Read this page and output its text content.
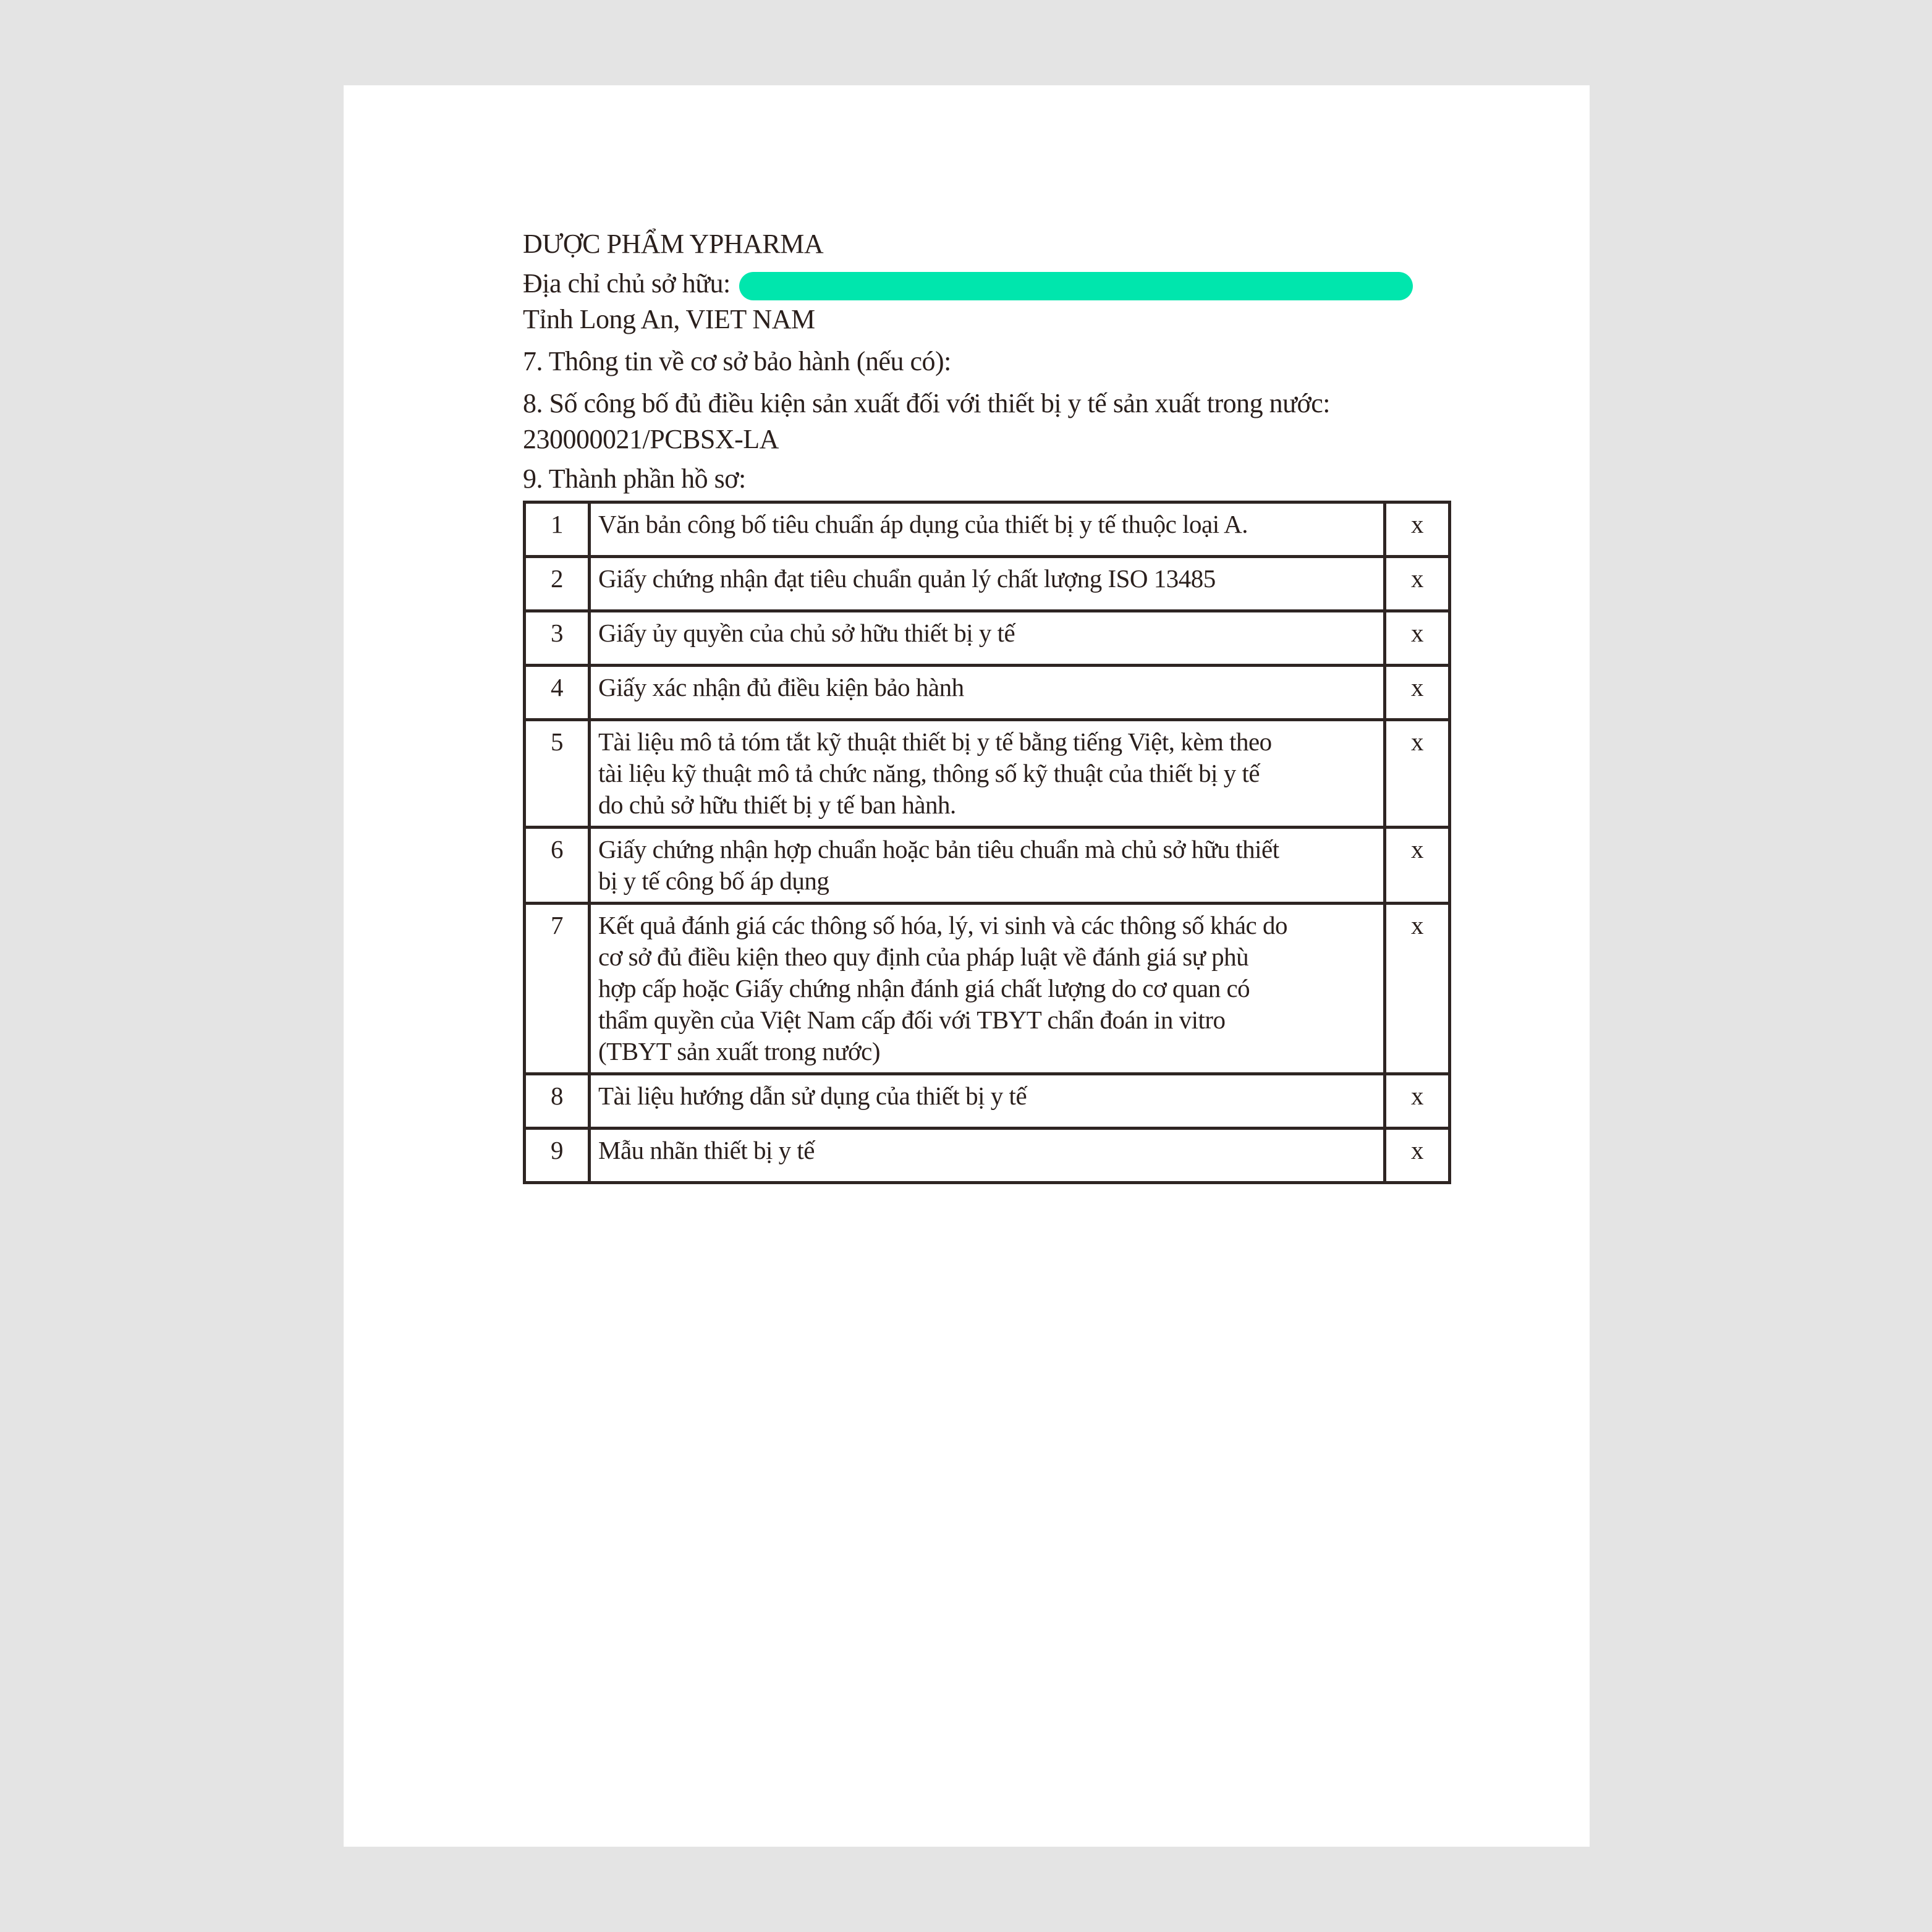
DƯỢC PHẨM YPHARMA
Địa chỉ chủ sở hữu:
Tỉnh Long An, VIET NAM
7. Thông tin về cơ sở bảo hành (nếu có):
8. Số công bố đủ điều kiện sản xuất đối với thiết bị y tế sản xuất trong nước:
230000021/PCBSX-LA
9. Thành phần hồ sơ:
1	Văn bản công bố tiêu chuẩn áp dụng của thiết bị y tế thuộc loại A.	x
2	Giấy chứng nhận đạt tiêu chuẩn quản lý chất lượng ISO 13485	x
3	Giấy ủy quyền của chủ sở hữu thiết bị y tế	x
4	Giấy xác nhận đủ điều kiện bảo hành	x
5	Tài liệu mô tả tóm tắt kỹ thuật thiết bị y tế bằng tiếng Việt, kèm theo
tài liệu kỹ thuật mô tả chức năng, thông số kỹ thuật của thiết bị y tế
do chủ sở hữu thiết bị y tế ban hành.	x
6	Giấy chứng nhận hợp chuẩn hoặc bản tiêu chuẩn mà chủ sở hữu thiết
bị y tế công bố áp dụng	x
7	Kết quả đánh giá các thông số hóa, lý, vi sinh và các thông số khác do
cơ sở đủ điều kiện theo quy định của pháp luật về đánh giá sự phù
hợp cấp hoặc Giấy chứng nhận đánh giá chất lượng do cơ quan có
thẩm quyền của Việt Nam cấp đối với TBYT chẩn đoán in vitro
(TBYT sản xuất trong nước)	x
8	Tài liệu hướng dẫn sử dụng của thiết bị y tế	x
9	Mẫu nhãn thiết bị y tế	x
